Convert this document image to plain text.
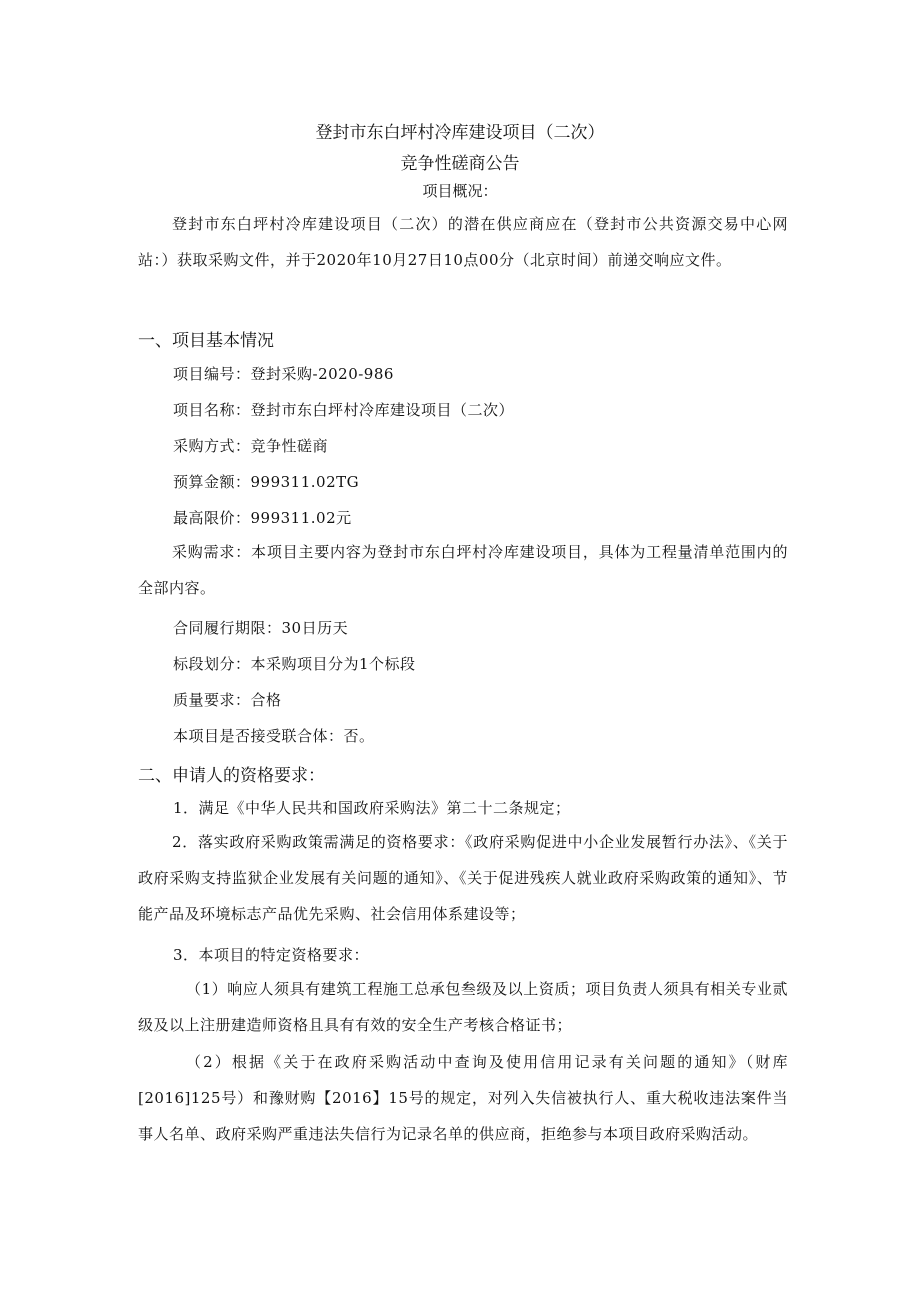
登封市东白坪村冷库建设项目（二次）
竞争性磋商公告
项目概况：
登封市东白坪村冷库建设项目（二次）的潜在供应商应在（登封市公共资源交易中心网站：）获取采购文件，并于2020年10月27日10点00分（北京时间）前递交响应文件。
一、项目基本情况
项目编号：登封采购-2020-986
项目名称：登封市东白坪村冷库建设项目（二次）
采购方式：竞争性磋商
预算金额：999311.02TG
最高限价：999311.02元
采购需求：本项目主要内容为登封市东白坪村冷库建设项目，具体为工程量清单范围内的全部内容。
合同履行期限：30日历天
标段划分：本采购项目分为1个标段
质量要求：合格
本项目是否接受联合体：否。
二、申请人的资格要求：
1．满足《中华人民共和国政府采购法》第二十二条规定；
2．落实政府采购政策需满足的资格要求：《政府采购促进中小企业发展暂行办法》、《关于政府采购支持监狱企业发展有关问题的通知》、《关于促进残疾人就业政府采购政策的通知》、节能产品及环境标志产品优先采购、社会信用体系建设等；
3．本项目的特定资格要求：
（1）响应人须具有建筑工程施工总承包叁级及以上资质；项目负责人须具有相关专业贰级及以上注册建造师资格且具有有效的安全生产考核合格证书；
（2）根据《关于在政府采购活动中查询及使用信用记录有关问题的通知》（财库[2016]125号）和豫财购【2016】15号的规定，对列入失信被执行人、重大税收违法案件当事人名单、政府采购严重违法失信行为记录名单的供应商，拒绝参与本项目政府采购活动。
